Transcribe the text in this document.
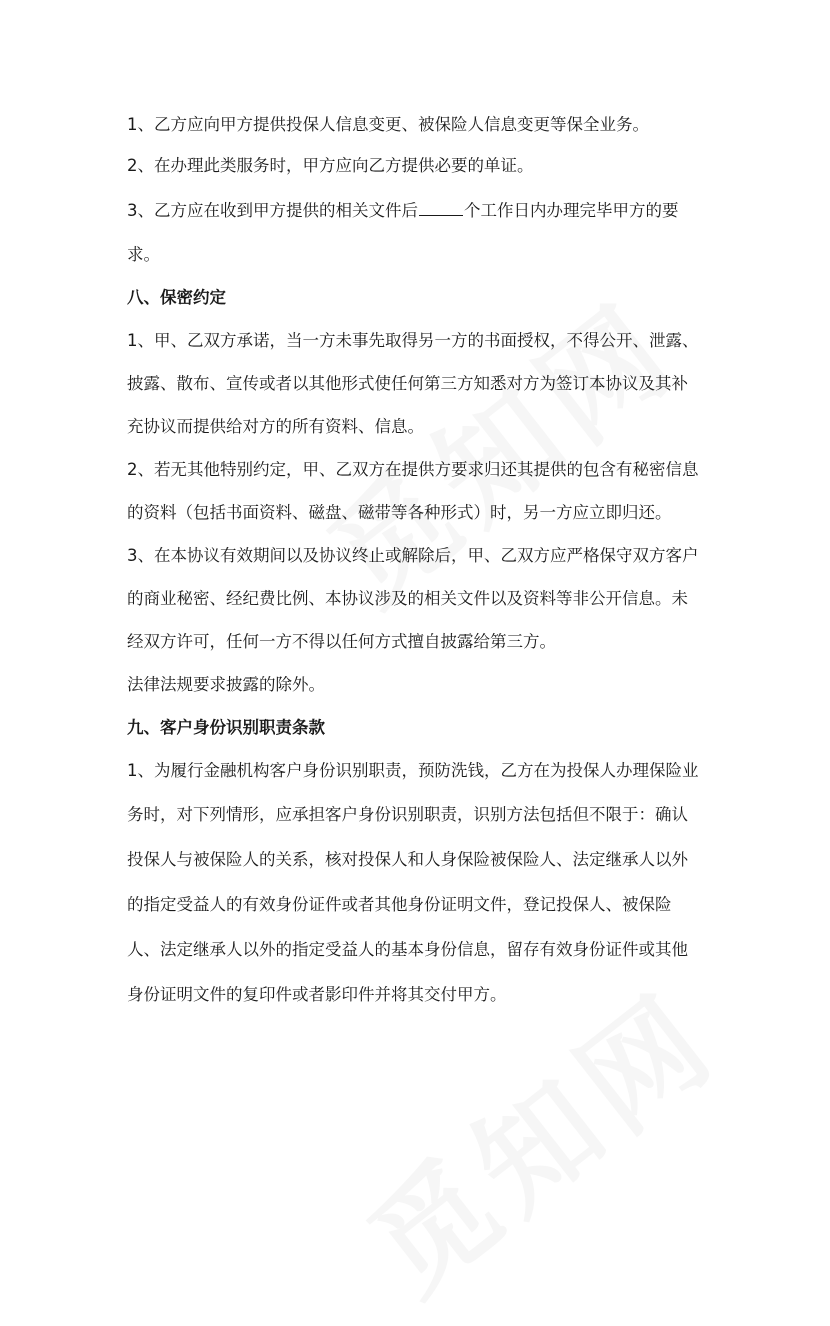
1、乙方应向甲方提供投保人信息变更、被保险人信息变更等保全业务。
2、在办理此类服务时，甲方应向乙方提供必要的单证。
3、乙方应在收到甲方提供的相关文件后	个工作日内办理完毕甲方的要
求。
八、保密约定
1、甲、乙双方承诺，当一方未事先取得另一方的书面授权，不得公开、泄露、
披露、散布、宣传或者以其他形式使任何第三方知悉对方为签订本协议及其补
充协议而提供给对方的所有资料、信息。
2、若无其他特别约定，甲、乙双方在提供方要求归还其提供的包含有秘密信息
的资料（包括书面资料、磁盘、磁带等各种形式）时，另一方应立即归还。
3、在本协议有效期间以及协议终止或解除后，甲、乙双方应严格保守双方客户
的商业秘密、经纪费比例、本协议涉及的相关文件以及资料等非公开信息。未
经双方许可，任何一方不得以任何方式擅自披露给第三方。
法律法规要求披露的除外。
九、客户身份识别职责条款
1、为履行金融机构客户身份识别职责，预防洗钱，乙方在为投保人办理保险业
务时，对下列情形，应承担客户身份识别职责，识别方法包括但不限于：确认
投保人与被保险人的关系，核对投保人和人身保险被保险人、法定继承人以外
的指定受益人的有效身份证件或者其他身份证明文件，登记投保人、被保险
人、法定继承人以外的指定受益人的基本身份信息，留存有效身份证件或其他
身份证明文件的复印件或者影印件并将其交付甲方。
